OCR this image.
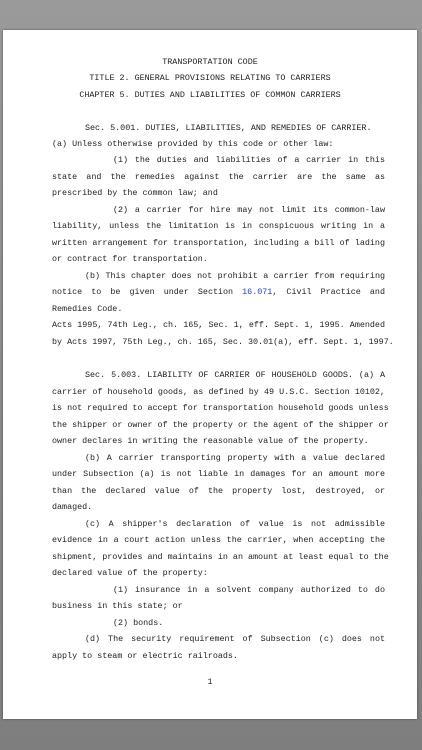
TRANSPORTATION CODE
TITLE 2. GENERAL PROVISIONS RELATING TO CARRIERS
CHAPTER 5. DUTIES AND LIABILITIES OF COMMON CARRIERS
Sec. 5.001. DUTIES, LIABILITIES, AND REMEDIES OF CARRIER.
(a) Unless otherwise provided by this code or other law:
(1) the duties and liabilities of a carrier in this
state and the remedies against the carrier are the same as
prescribed by the common law; and
(2) a carrier for hire may not limit its common-law
liability, unless the limitation is in conspicuous writing in a
written arrangement for transportation, including a bill of lading
or contract for transportation.
(b) This chapter does not prohibit a carrier from requiring
notice to be given under Section 16.071, Civil Practice and
Remedies Code.
Acts 1995, 74th Leg., ch. 165, Sec. 1, eff. Sept. 1, 1995. Amended
by Acts 1997, 75th Leg., ch. 165, Sec. 30.01(a), eff. Sept. 1, 1997.
Sec. 5.003. LIABILITY OF CARRIER OF HOUSEHOLD GOODS. (a) A
carrier of household goods, as defined by 49 U.S.C. Section 10102,
is not required to accept for transportation household goods unless
the shipper or owner of the property or the agent of the shipper or
owner declares in writing the reasonable value of the property.
(b) A carrier transporting property with a value declared
under Subsection (a) is not liable in damages for an amount more
than the declared value of the property lost, destroyed, or
damaged.
(c) A shipper's declaration of value is not admissible
evidence in a court action unless the carrier, when accepting the
shipment, provides and maintains in an amount at least equal to the
declared value of the property:
(1) insurance in a solvent company authorized to do
business in this state; or
(2) bonds.
(d) The security requirement of Subsection (c) does not
apply to steam or electric railroads.
1
